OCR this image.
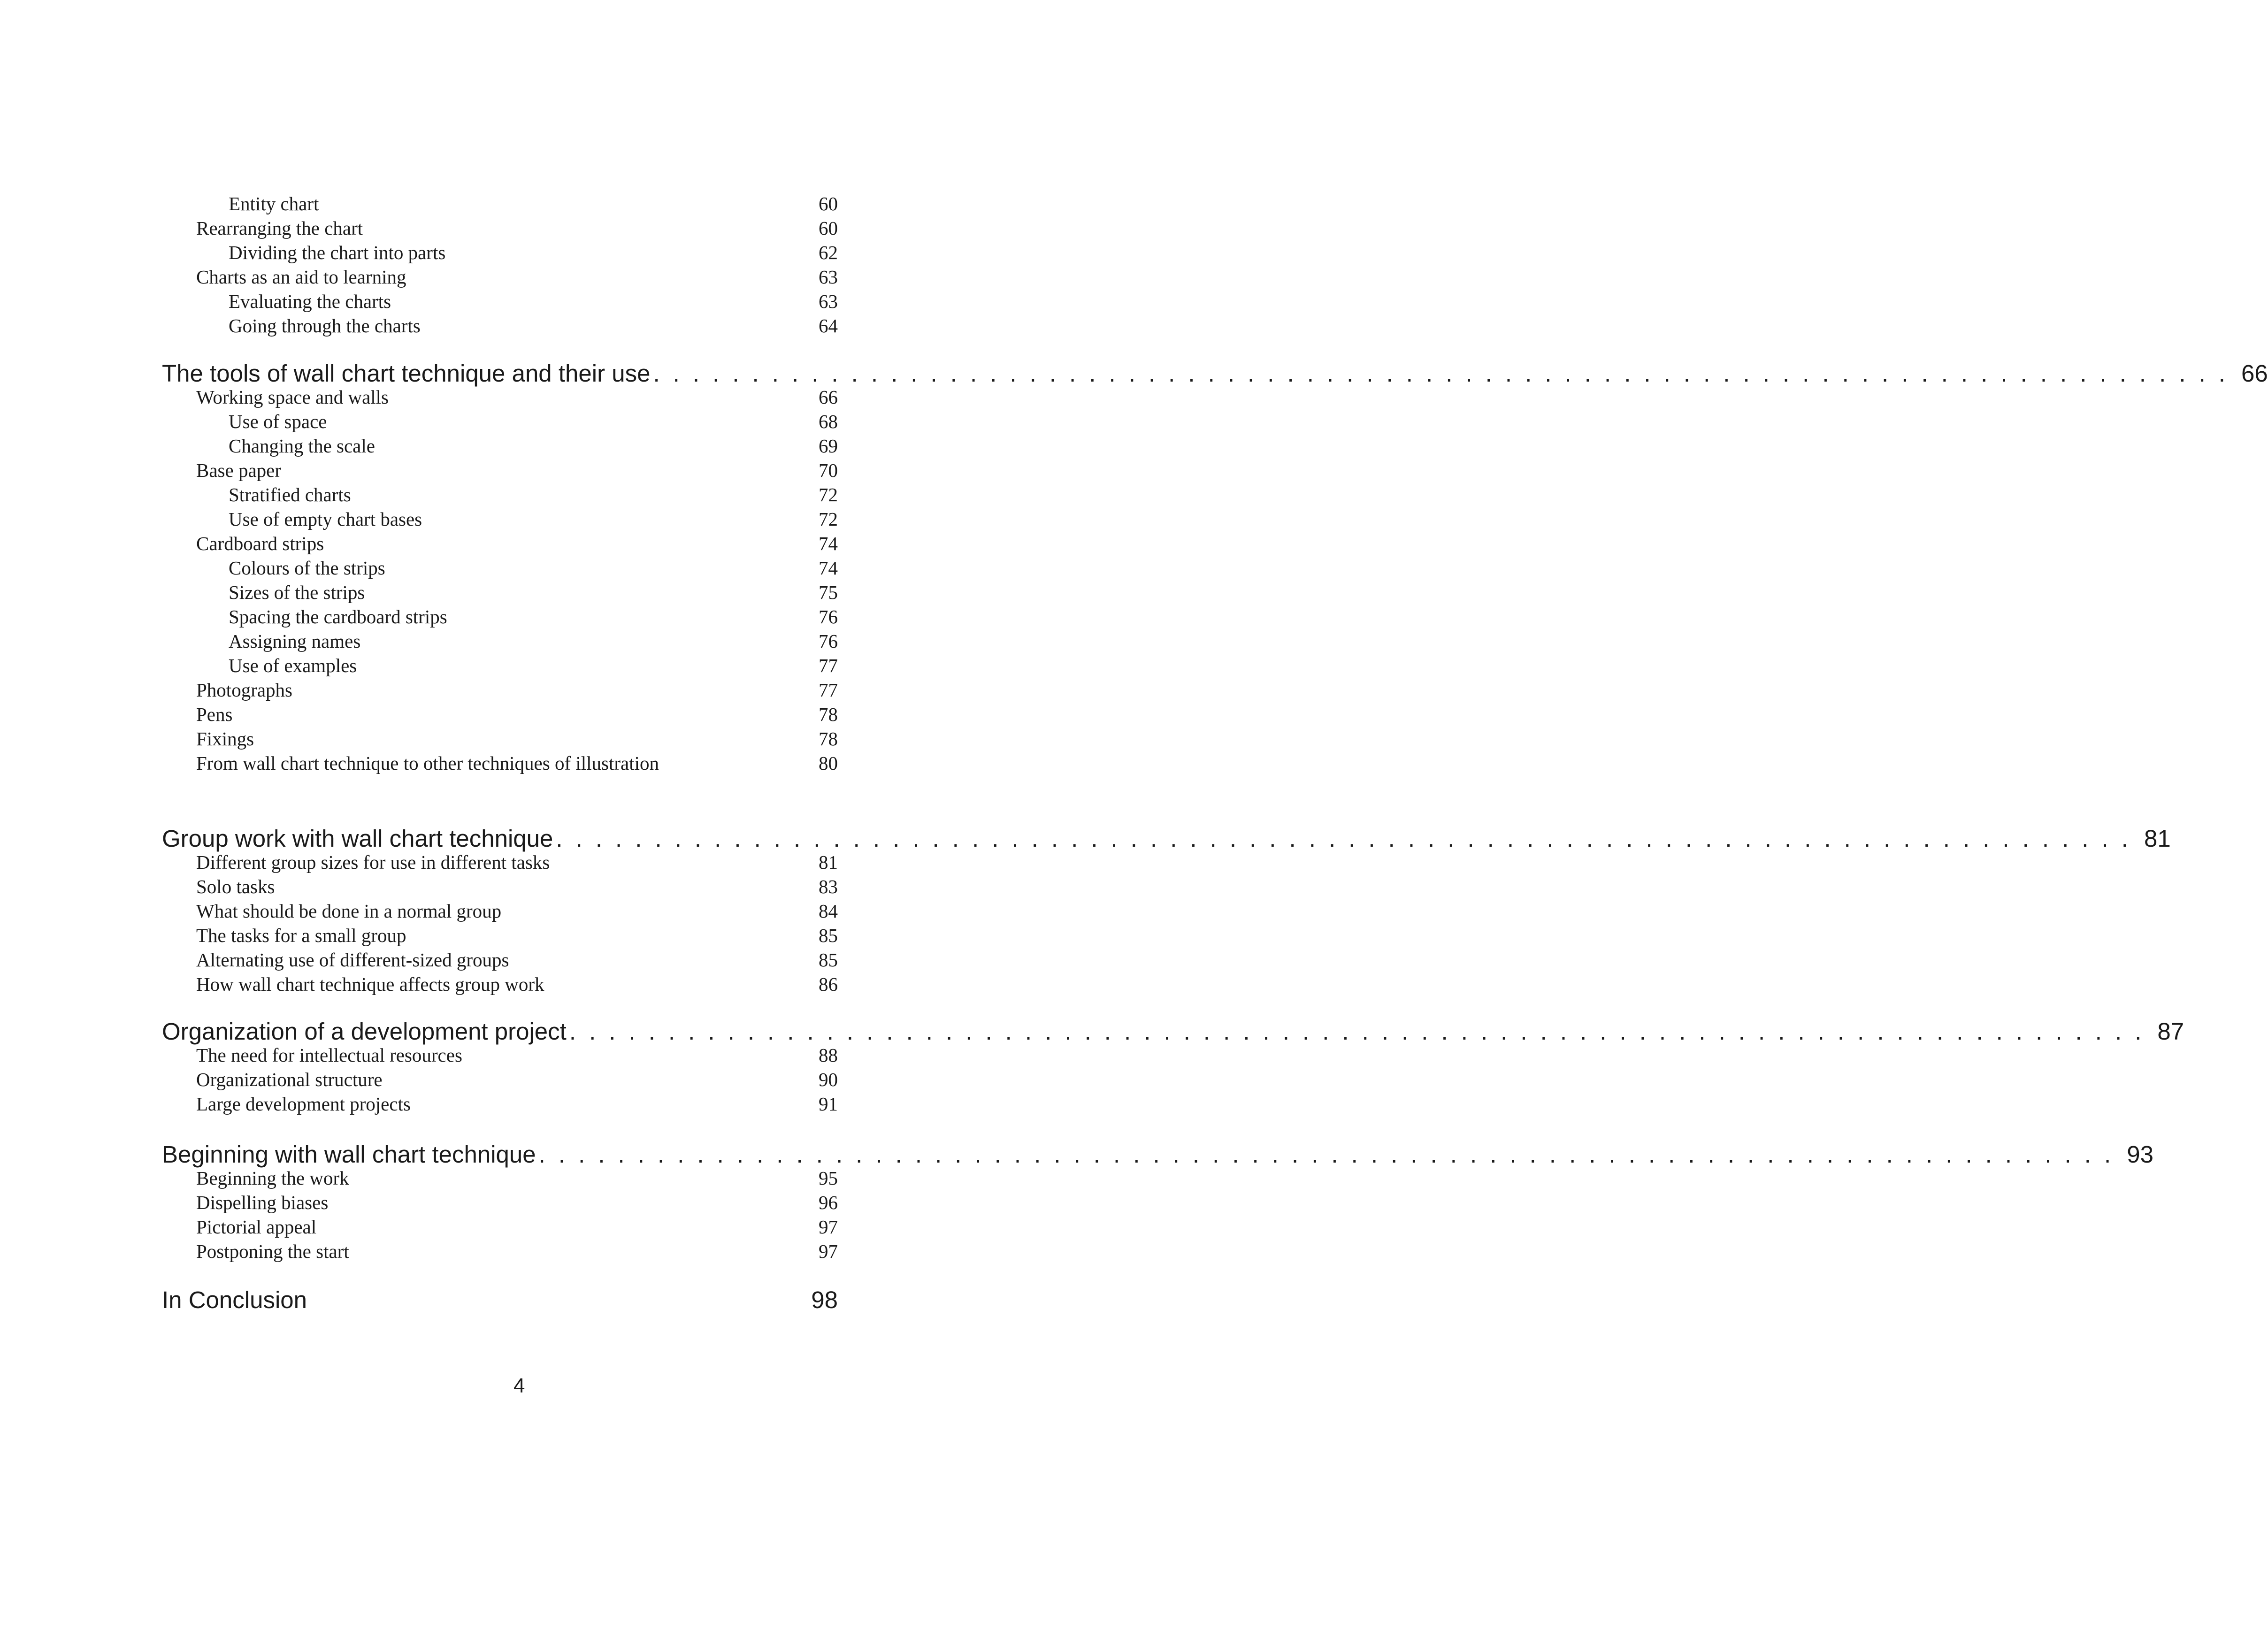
Entity chart	60
Rearranging the chart	60
Dividing the chart into parts	62
Charts as an aid to learning	63
Evaluating the charts	63
Going through the charts	64
The tools of wall chart technique and their use ................................................................................ 66
Working space and walls	66
Use of space	68
Changing the scale	69
Base paper	70
Stratified charts	72
Use of empty chart bases	72
Cardboard strips	74
Colours of the strips	74
Sizes of the strips	75
Spacing the cardboard strips	76
Assigning names	76
Use of examples	77
Photographs	77
Pens	78
Fixings	78
From wall chart technique to other techniques of illustration	80
Group work with wall chart technique ................................................................................ 81
Different group sizes for use in different tasks	81
Solo tasks	83
What should be done in a normal group	84
The tasks for a small group	85
Alternating use of different-sized groups	85
How wall chart technique affects group work	86
Organization of a development project ................................................................................ 87
The need for intellectual resources	88
Organizational structure	90
Large development projects	91
Beginning with wall chart technique ................................................................................ 93
Beginning the work	95
Dispelling biases	96
Pictorial appeal	97
Postponing the start	97
In Conclusion	98
4
